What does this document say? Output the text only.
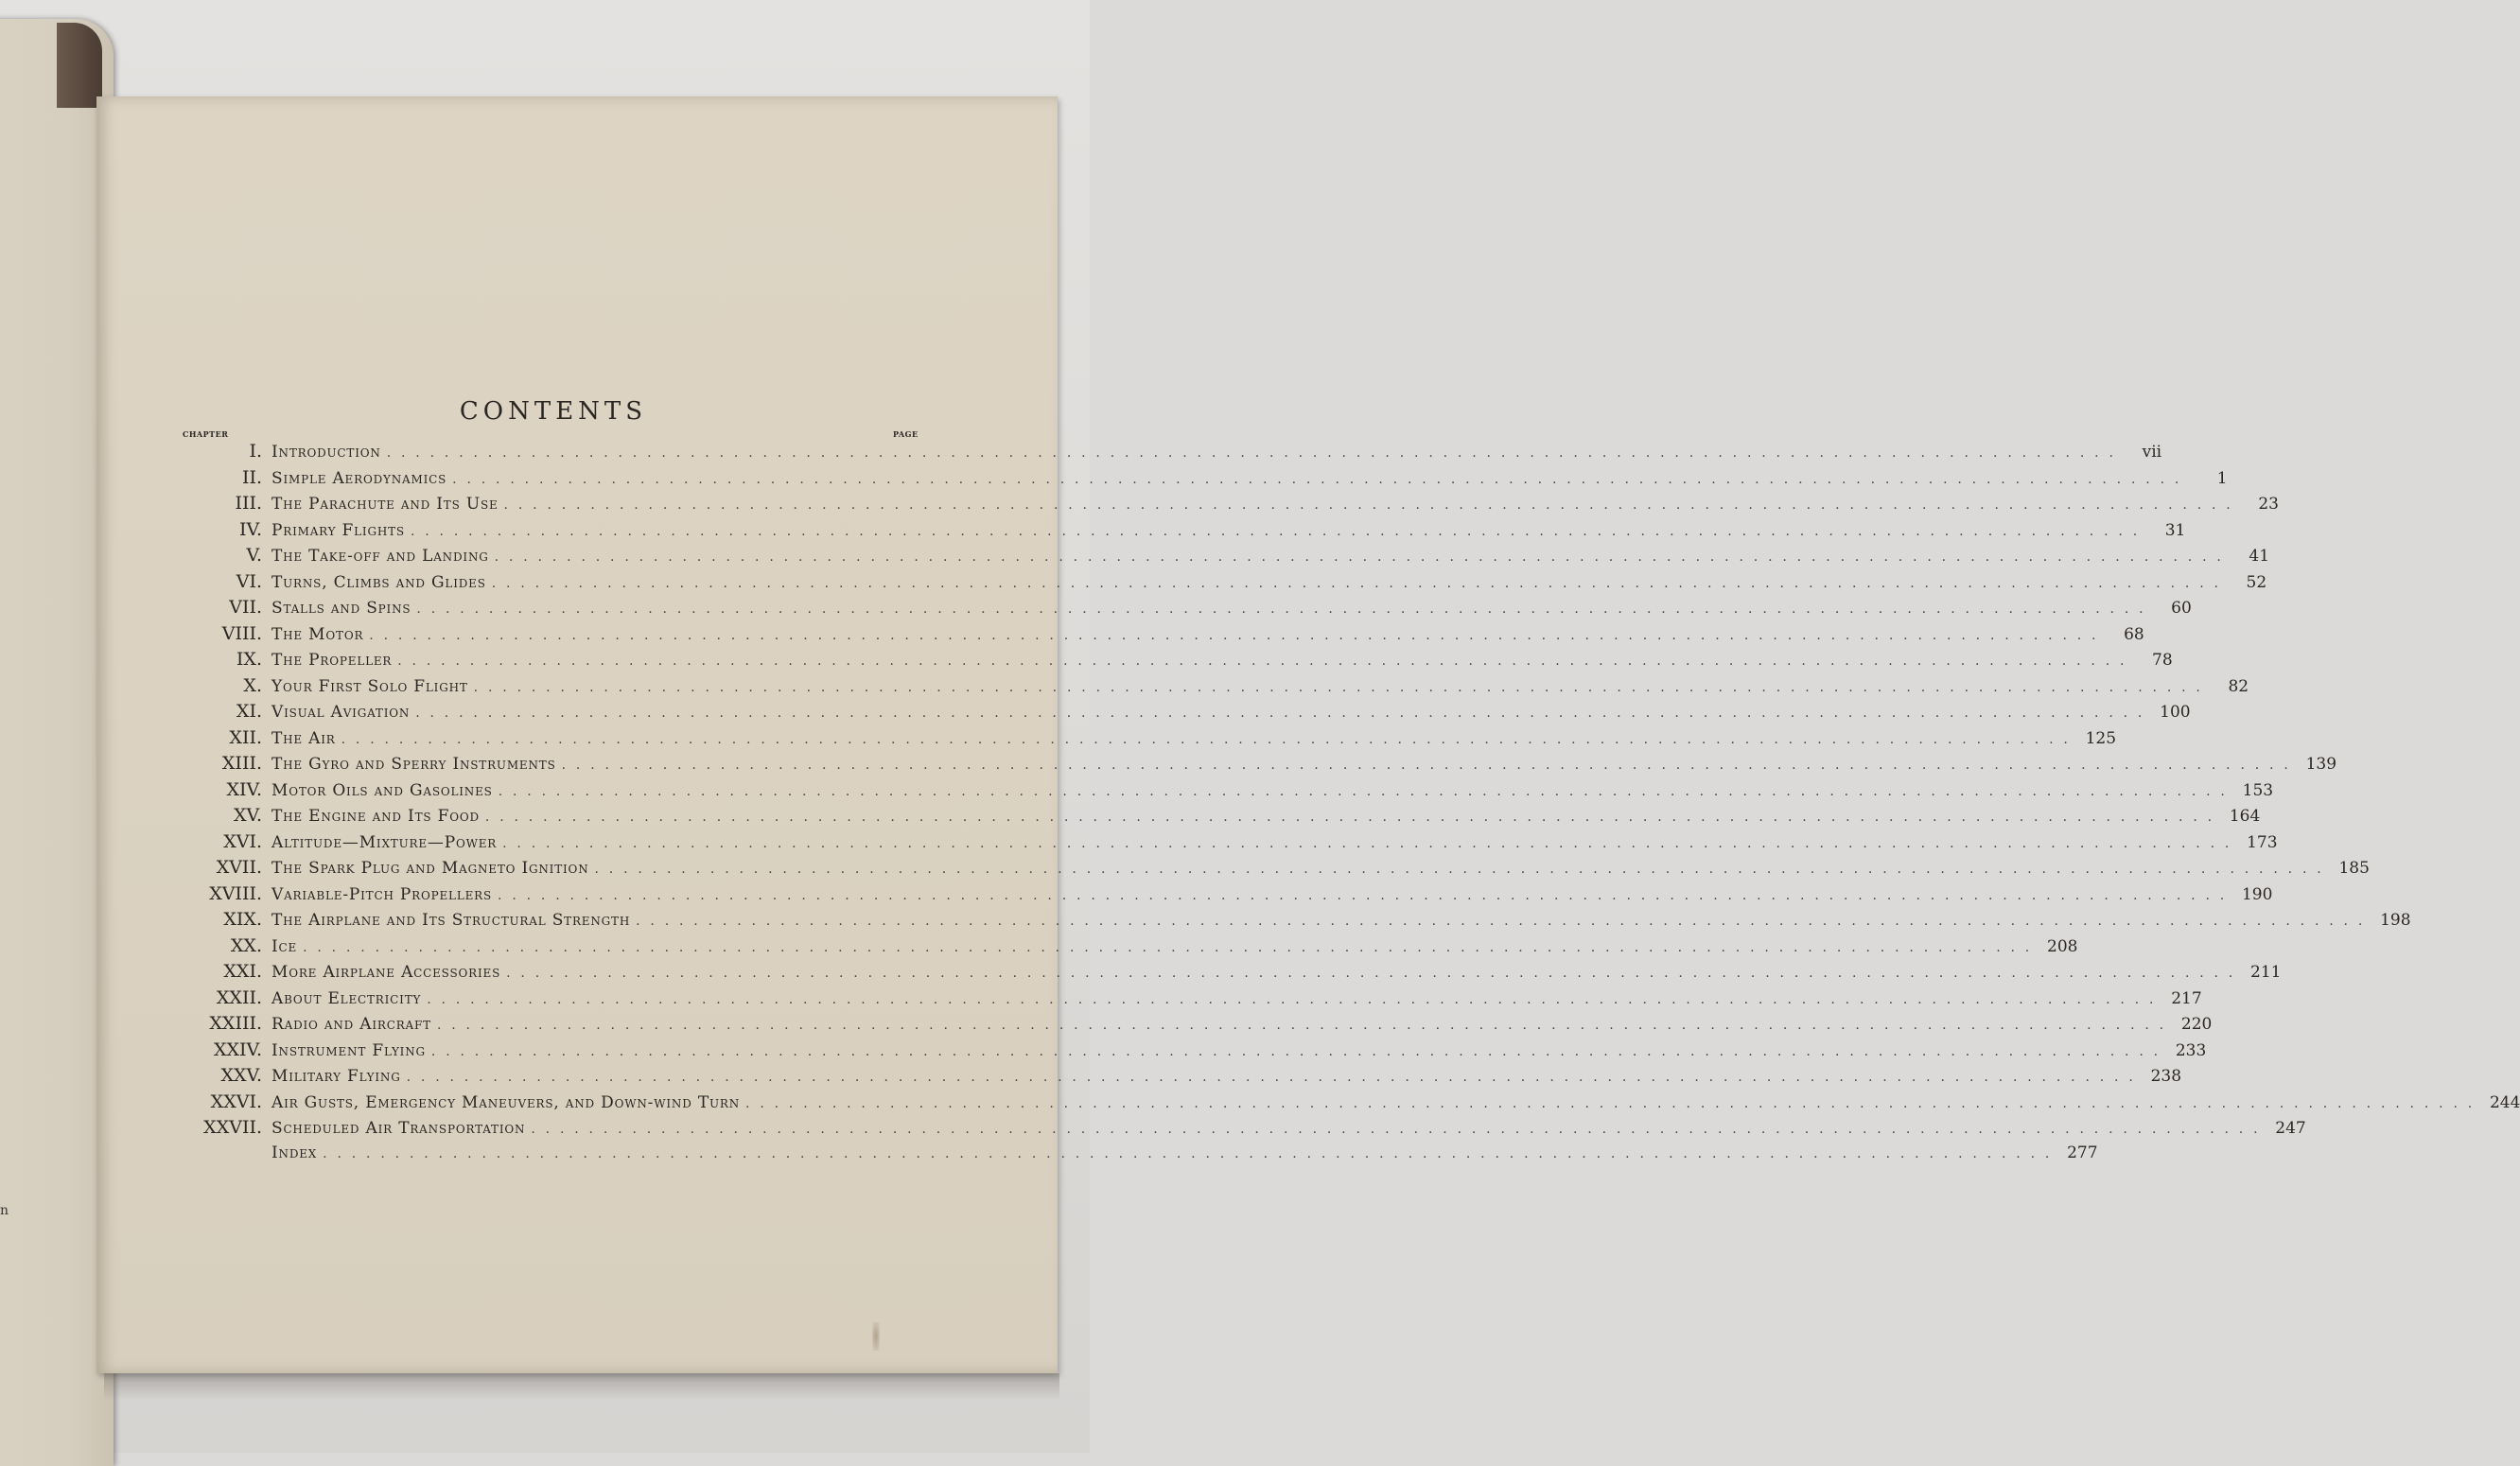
n
CONTENTS
CHAPTER	PAGE
I. Introduction . . . . . . . . . . . . . . . . . . . . . . . . . . . . . . . . . . . . . . . . . . . . . . . . . . . . . . . . . . . . . . . . . . . . . . . . . . . . . . . . . . . . . . . . . . . . . . . . . . . . . . . . . . . . . . . . . . . . . . . .	vii
II. Simple Aerodynamics . . . . . . . . . . . . . . . . . . . . . . . . . . . . . . . . . . . . . . . . . . . . . . . . . . . . . . . . . . . . . . . . . . . . . . . . . . . . . . . . . . . . . . . . . . . . . . . . . . . . . . . . . . . . . . . . . . . . . . . .	1
III. The Parachute and Its Use . . . . . . . . . . . . . . . . . . . . . . . . . . . . . . . . . . . . . . . . . . . . . . . . . . . . . . . . . . . . . . . . . . . . . . . . . . . . . . . . . . . . . . . . . . . . . . . . . . . . . . . . . . . . . . . . . . . . . . . .	23
IV. Primary Flights . . . . . . . . . . . . . . . . . . . . . . . . . . . . . . . . . . . . . . . . . . . . . . . . . . . . . . . . . . . . . . . . . . . . . . . . . . . . . . . . . . . . . . . . . . . . . . . . . . . . . . . . . . . . . . . . . . . . . . . .	31
V. The Take-off and Landing . . . . . . . . . . . . . . . . . . . . . . . . . . . . . . . . . . . . . . . . . . . . . . . . . . . . . . . . . . . . . . . . . . . . . . . . . . . . . . . . . . . . . . . . . . . . . . . . . . . . . . . . . . . . . . . . . . . . . . . .	41
VI. Turns, Climbs and Glides . . . . . . . . . . . . . . . . . . . . . . . . . . . . . . . . . . . . . . . . . . . . . . . . . . . . . . . . . . . . . . . . . . . . . . . . . . . . . . . . . . . . . . . . . . . . . . . . . . . . . . . . . . . . . . . . . . . . . . . .	52
VII. Stalls and Spins . . . . . . . . . . . . . . . . . . . . . . . . . . . . . . . . . . . . . . . . . . . . . . . . . . . . . . . . . . . . . . . . . . . . . . . . . . . . . . . . . . . . . . . . . . . . . . . . . . . . . . . . . . . . . . . . . . . . . . . .	60
VIII. The Motor . . . . . . . . . . . . . . . . . . . . . . . . . . . . . . . . . . . . . . . . . . . . . . . . . . . . . . . . . . . . . . . . . . . . . . . . . . . . . . . . . . . . . . . . . . . . . . . . . . . . . . . . . . . . . . . . . . . . . . . .	68
IX. The Propeller . . . . . . . . . . . . . . . . . . . . . . . . . . . . . . . . . . . . . . . . . . . . . . . . . . . . . . . . . . . . . . . . . . . . . . . . . . . . . . . . . . . . . . . . . . . . . . . . . . . . . . . . . . . . . . . . . . . . . . . .	78
X. Your First Solo Flight . . . . . . . . . . . . . . . . . . . . . . . . . . . . . . . . . . . . . . . . . . . . . . . . . . . . . . . . . . . . . . . . . . . . . . . . . . . . . . . . . . . . . . . . . . . . . . . . . . . . . . . . . . . . . . . . . . . . . . . .	82
XI. Visual Avigation . . . . . . . . . . . . . . . . . . . . . . . . . . . . . . . . . . . . . . . . . . . . . . . . . . . . . . . . . . . . . . . . . . . . . . . . . . . . . . . . . . . . . . . . . . . . . . . . . . . . . . . . . . . . . . . . . . . . . . . . 100
XII. The Air . . . . . . . . . . . . . . . . . . . . . . . . . . . . . . . . . . . . . . . . . . . . . . . . . . . . . . . . . . . . . . . . . . . . . . . . . . . . . . . . . . . . . . . . . . . . . . . . . . . . . . . . . . . . . . . . . . . . . . . . 125
XIII. The Gyro and Sperry Instruments . . . . . . . . . . . . . . . . . . . . . . . . . . . . . . . . . . . . . . . . . . . . . . . . . . . . . . . . . . . . . . . . . . . . . . . . . . . . . . . . . . . . . . . . . . . . . . . . . . . . . . . . . . . . . . . . . . . . . . . . 139
XIV. Motor Oils and Gasolines . . . . . . . . . . . . . . . . . . . . . . . . . . . . . . . . . . . . . . . . . . . . . . . . . . . . . . . . . . . . . . . . . . . . . . . . . . . . . . . . . . . . . . . . . . . . . . . . . . . . . . . . . . . . . . . . . . . . . . . . 153
XV. The Engine and Its Food . . . . . . . . . . . . . . . . . . . . . . . . . . . . . . . . . . . . . . . . . . . . . . . . . . . . . . . . . . . . . . . . . . . . . . . . . . . . . . . . . . . . . . . . . . . . . . . . . . . . . . . . . . . . . . . . . . . . . . . . 164
XVI. Altitude—Mixture—Power . . . . . . . . . . . . . . . . . . . . . . . . . . . . . . . . . . . . . . . . . . . . . . . . . . . . . . . . . . . . . . . . . . . . . . . . . . . . . . . . . . . . . . . . . . . . . . . . . . . . . . . . . . . . . . . . . . . . . . . . 173
XVII. The Spark Plug and Magneto Ignition . . . . . . . . . . . . . . . . . . . . . . . . . . . . . . . . . . . . . . . . . . . . . . . . . . . . . . . . . . . . . . . . . . . . . . . . . . . . . . . . . . . . . . . . . . . . . . . . . . . . . . . . . . . . . . . . . . . . . . . . 185
XVIII. Variable-Pitch Propellers . . . . . . . . . . . . . . . . . . . . . . . . . . . . . . . . . . . . . . . . . . . . . . . . . . . . . . . . . . . . . . . . . . . . . . . . . . . . . . . . . . . . . . . . . . . . . . . . . . . . . . . . . . . . . . . . . . . . . . . . 190
XIX. The Airplane and Its Structural Strength . . . . . . . . . . . . . . . . . . . . . . . . . . . . . . . . . . . . . . . . . . . . . . . . . . . . . . . . . . . . . . . . . . . . . . . . . . . . . . . . . . . . . . . . . . . . . . . . . . . . . . . . . . . . . . . . . . . . . . . . 198
XX. Ice . . . . . . . . . . . . . . . . . . . . . . . . . . . . . . . . . . . . . . . . . . . . . . . . . . . . . . . . . . . . . . . . . . . . . . . . . . . . . . . . . . . . . . . . . . . . . . . . . . . . . . . . . . . . . . . . . . . . . . . . 208
XXI. More Airplane Accessories . . . . . . . . . . . . . . . . . . . . . . . . . . . . . . . . . . . . . . . . . . . . . . . . . . . . . . . . . . . . . . . . . . . . . . . . . . . . . . . . . . . . . . . . . . . . . . . . . . . . . . . . . . . . . . . . . . . . . . . . 211
XXII. About Electricity . . . . . . . . . . . . . . . . . . . . . . . . . . . . . . . . . . . . . . . . . . . . . . . . . . . . . . . . . . . . . . . . . . . . . . . . . . . . . . . . . . . . . . . . . . . . . . . . . . . . . . . . . . . . . . . . . . . . . . . . 217
XXIII. Radio and Aircraft . . . . . . . . . . . . . . . . . . . . . . . . . . . . . . . . . . . . . . . . . . . . . . . . . . . . . . . . . . . . . . . . . . . . . . . . . . . . . . . . . . . . . . . . . . . . . . . . . . . . . . . . . . . . . . . . . . . . . . . . 220
XXIV. Instrument Flying . . . . . . . . . . . . . . . . . . . . . . . . . . . . . . . . . . . . . . . . . . . . . . . . . . . . . . . . . . . . . . . . . . . . . . . . . . . . . . . . . . . . . . . . . . . . . . . . . . . . . . . . . . . . . . . . . . . . . . . . 233
XXV. Military Flying . . . . . . . . . . . . . . . . . . . . . . . . . . . . . . . . . . . . . . . . . . . . . . . . . . . . . . . . . . . . . . . . . . . . . . . . . . . . . . . . . . . . . . . . . . . . . . . . . . . . . . . . . . . . . . . . . . . . . . . . 238
XXVI. Air Gusts, Emergency Maneuvers, and Down-wind Turn . . . . . . . . . . . . . . . . . . . . . . . . . . . . . . . . . . . . . . . . . . . . . . . . . . . . . . . . . . . . . . . . . . . . . . . . . . . . . . . . . . . . . . . . . . . . . . . . . . . . . . . . . . . . . . . . . . . . . . . . 244
XXVII. Scheduled Air Transportation . . . . . . . . . . . . . . . . . . . . . . . . . . . . . . . . . . . . . . . . . . . . . . . . . . . . . . . . . . . . . . . . . . . . . . . . . . . . . . . . . . . . . . . . . . . . . . . . . . . . . . . . . . . . . . . . . . . . . . . . 247
Index . . . . . . . . . . . . . . . . . . . . . . . . . . . . . . . . . . . . . . . . . . . . . . . . . . . . . . . . . . . . . . . . . . . . . . . . . . . . . . . . . . . . . . . . . . . . . . . . . . . . . . . . . . . . . . . . . . . . . . . . 277
